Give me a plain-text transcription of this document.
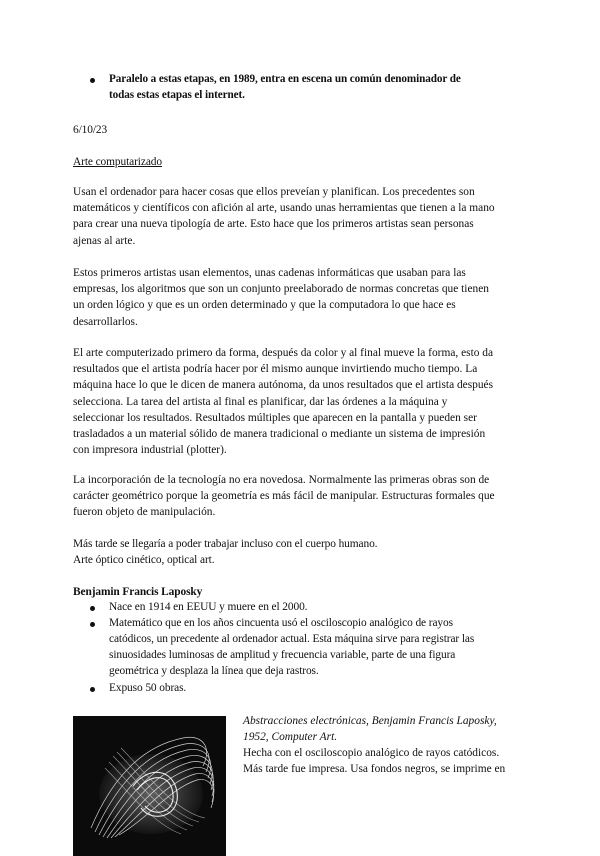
Paralelo a estas etapas, en 1989, entra en escena un común denominador de
todas estas etapas el internet.
6/10/23
Arte computarizado

Usan el ordenador para hacer cosas que ellos preveían y planifican. Los precedentes son

matemáticos y científicos con afición al arte, usando unas herramientas que tienen a la mano

para crear una nueva tipología de arte. Esto hace que los primeros artistas sean personas

ajenas al arte.

Estos primeros artistas usan elementos, unas cadenas informáticas que usaban para las

empresas, los algoritmos que son un conjunto preelaborado de normas concretas que tienen

un orden lógico y que es un orden determinado y que la computadora lo que hace es

desarrollarlos.

El arte computerizado primero da forma, después da color y al final mueve la forma, esto da

resultados que el artista podría hacer por él mismo aunque invirtiendo mucho tiempo. La

máquina hace lo que le dicen de manera autónoma, da unos resultados que el artista después

selecciona. La tarea del artista al final es planificar, dar las órdenes a la máquina y

seleccionar los resultados. Resultados múltiples que aparecen en la pantalla y pueden ser

trasladados a un material sólido de manera tradicional o mediante un sistema de impresión

con impresora industrial (plotter).

La incorporación de la tecnología no era novedosa. Normalmente las primeras obras son de

carácter geométrico porque la geometría es más fácil de manipular. Estructuras formales que

fueron objeto de manipulación.

Más tarde se llegaría a poder trabajar incluso con el cuerpo humano.
Arte óptico cinético, optical art.
Benjamin Francis Laposky
Nace en 1914 en EEUU y muere en el 2000.
Matemático que en los años cincuenta usó el osciloscopio analógico de rayos
catódicos, un precedente al ordenador actual. Esta máquina sirve para registrar las
sinuosidades luminosas de amplitud y frecuencia variable, parte de una figura
geométrica y desplaza la línea que deja rastros.
Expuso 50 obras.
Abstracciones electrónicas, Benjamin Francis Laposky,
1952, Computer Art.
Hecha con el osciloscopio analógico de rayos catódicos.
Más tarde fue impresa. Usa fondos negros, se imprime en
